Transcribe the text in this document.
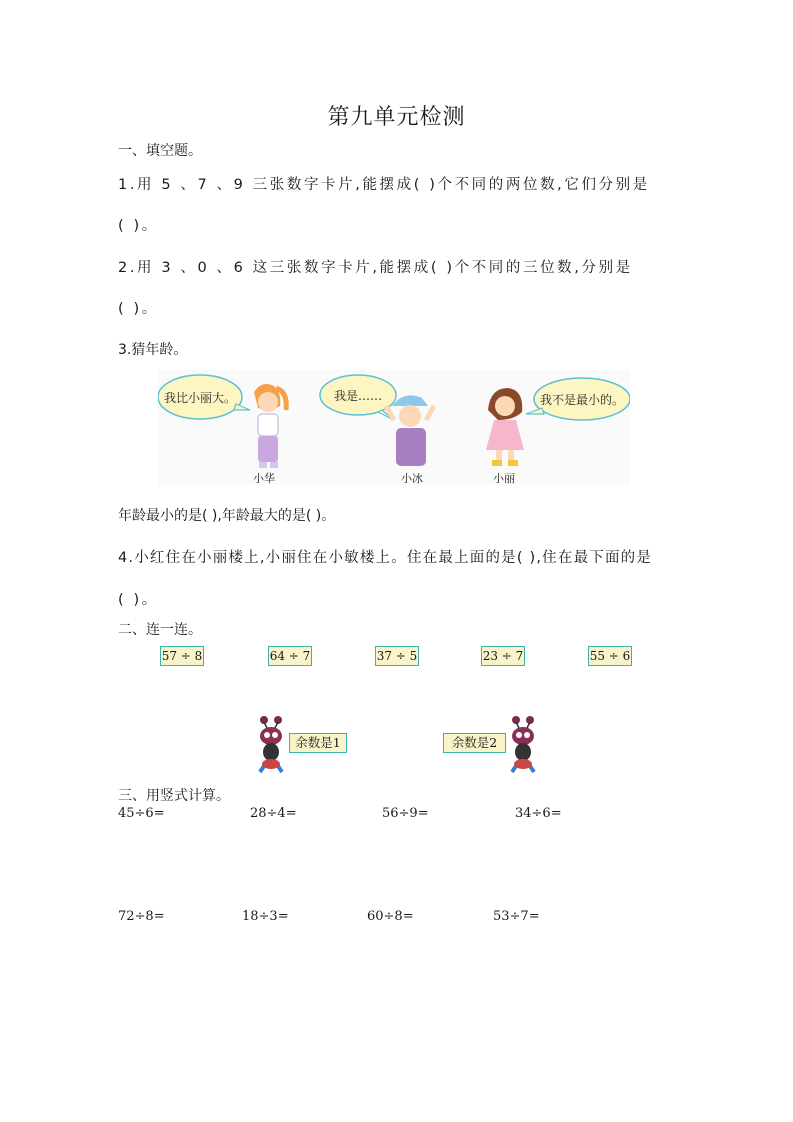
第九单元检测
一、填空题。
1.用 5 、7 、9 三张数字卡片,能摆成( )个不同的两位数,它们分别是
( )。
2.用 3 、0 、6 这三张数字卡片,能摆成( )个不同的三位数,分别是
( )。
3.猜年龄。
我比小丽大。
小华
我是……
小冰	小丽
我不是最小的。
年龄最小的是( ),年龄最大的是( )。
4.小红住在小丽楼上,小丽住在小敏楼上。住在最上面的是( ),住在最下面的是
( )。
二、连一连。
57 ÷ 8	64 ÷ 7	37 ÷ 5	23 ÷ 7	55 ÷ 6
余数是1	余数是2
三、用竖式计算。
45÷6=	28÷4=	56÷9=	34÷6=
72÷8=	18÷3=	60÷8=	53÷7=
